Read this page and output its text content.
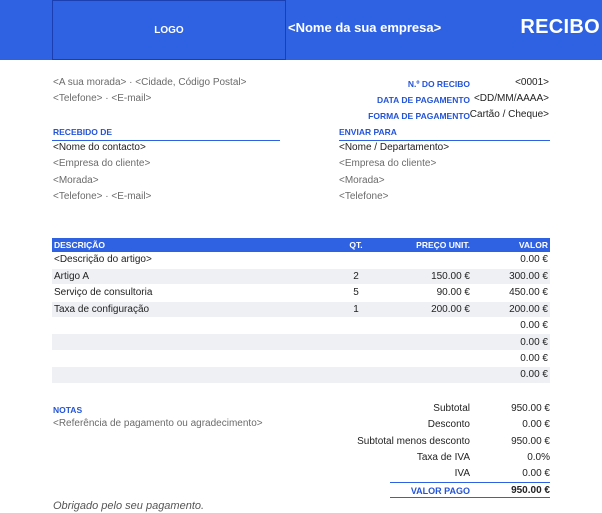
LOGO	<Nome da sua empresa>	RECIBO
<A sua morada> · <Cidade, Código Postal>
<Telefone> · <E-mail>
N.º DO RECIBO	<0001>
DATA DE PAGAMENTO <DD/MM/AAAA>
FORMA DE PAGAMENTO Cartão / Cheque>
RECEBIDO DE	ENVIAR PARA
<Nome do contacto>
<Empresa do cliente>
<Morada>
<Telefone> · <E-mail>
<Nome / Departamento>
<Empresa do cliente>
<Morada>
<Telefone>
DESCRIÇÃO	QT.	PREÇO UNIT.	VALOR
<Descrição do artigo>			0.00 €
Artigo A	2	150.00 €	300.00 €
Serviço de consultoria	5	90.00 €	450.00 €
Taxa de configuração	1	200.00 €	200.00 €
			0.00 €
			0.00 €
			0.00 €
			0.00 €
NOTAS
<Referência de pagamento ou agradecimento>
Subtotal	950.00 €
Desconto	0.00 €
Subtotal menos desconto	950.00 €
Taxa de IVA	0.0%
IVA	0.00 €
VALOR PAGO	950.00 €
Obrigado pelo seu pagamento.
